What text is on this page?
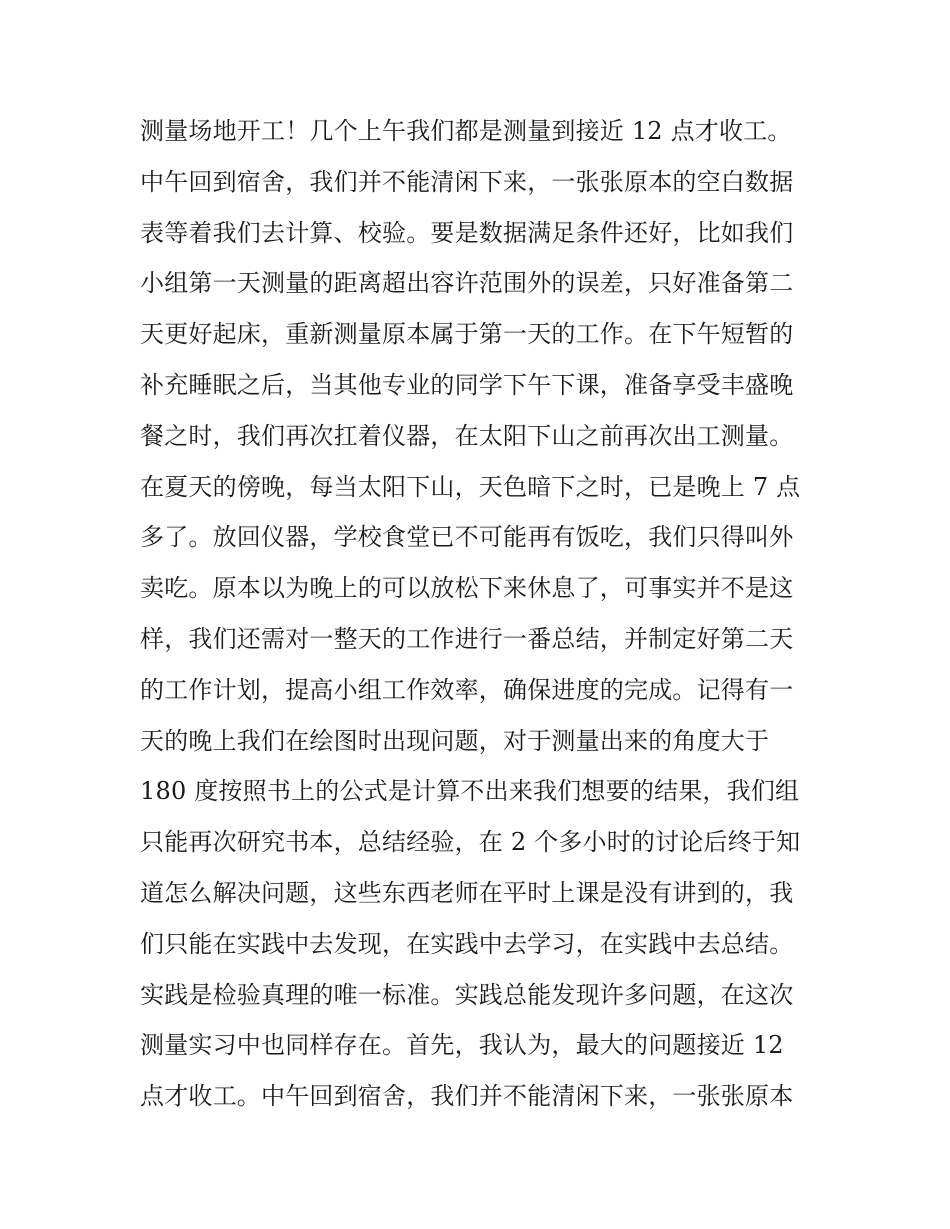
测量场地开工！几个上午我们都是测量到接近 12 点才收工。
中午回到宿舍，我们并不能清闲下来，一张张原本的空白数据
表等着我们去计算、校验。要是数据满足条件还好，比如我们
小组第一天测量的距离超出容许范围外的误差，只好准备第二
天更好起床，重新测量原本属于第一天的工作。在下午短暂的
补充睡眠之后，当其他专业的同学下午下课，准备享受丰盛晚
餐之时，我们再次扛着仪器，在太阳下山之前再次出工测量。
在夏天的傍晚，每当太阳下山，天色暗下之时，已是晚上 7 点
多了。放回仪器，学校食堂已不可能再有饭吃，我们只得叫外
卖吃。原本以为晚上的可以放松下来休息了，可事实并不是这
样，我们还需对一整天的工作进行一番总结，并制定好第二天
的工作计划，提高小组工作效率，确保进度的完成。记得有一
天的晚上我们在绘图时出现问题，对于测量出来的角度大于
180 度按照书上的公式是计算不出来我们想要的结果，我们组
只能再次研究书本，总结经验，在 2 个多小时的讨论后终于知
道怎么解决问题，这些东西老师在平时上课是没有讲到的，我
们只能在实践中去发现，在实践中去学习，在实践中去总结。
实践是检验真理的唯一标准。实践总能发现许多问题，在这次
测量实习中也同样存在。首先，我认为，最大的问题接近 12
点才收工。中午回到宿舍，我们并不能清闲下来，一张张原本
